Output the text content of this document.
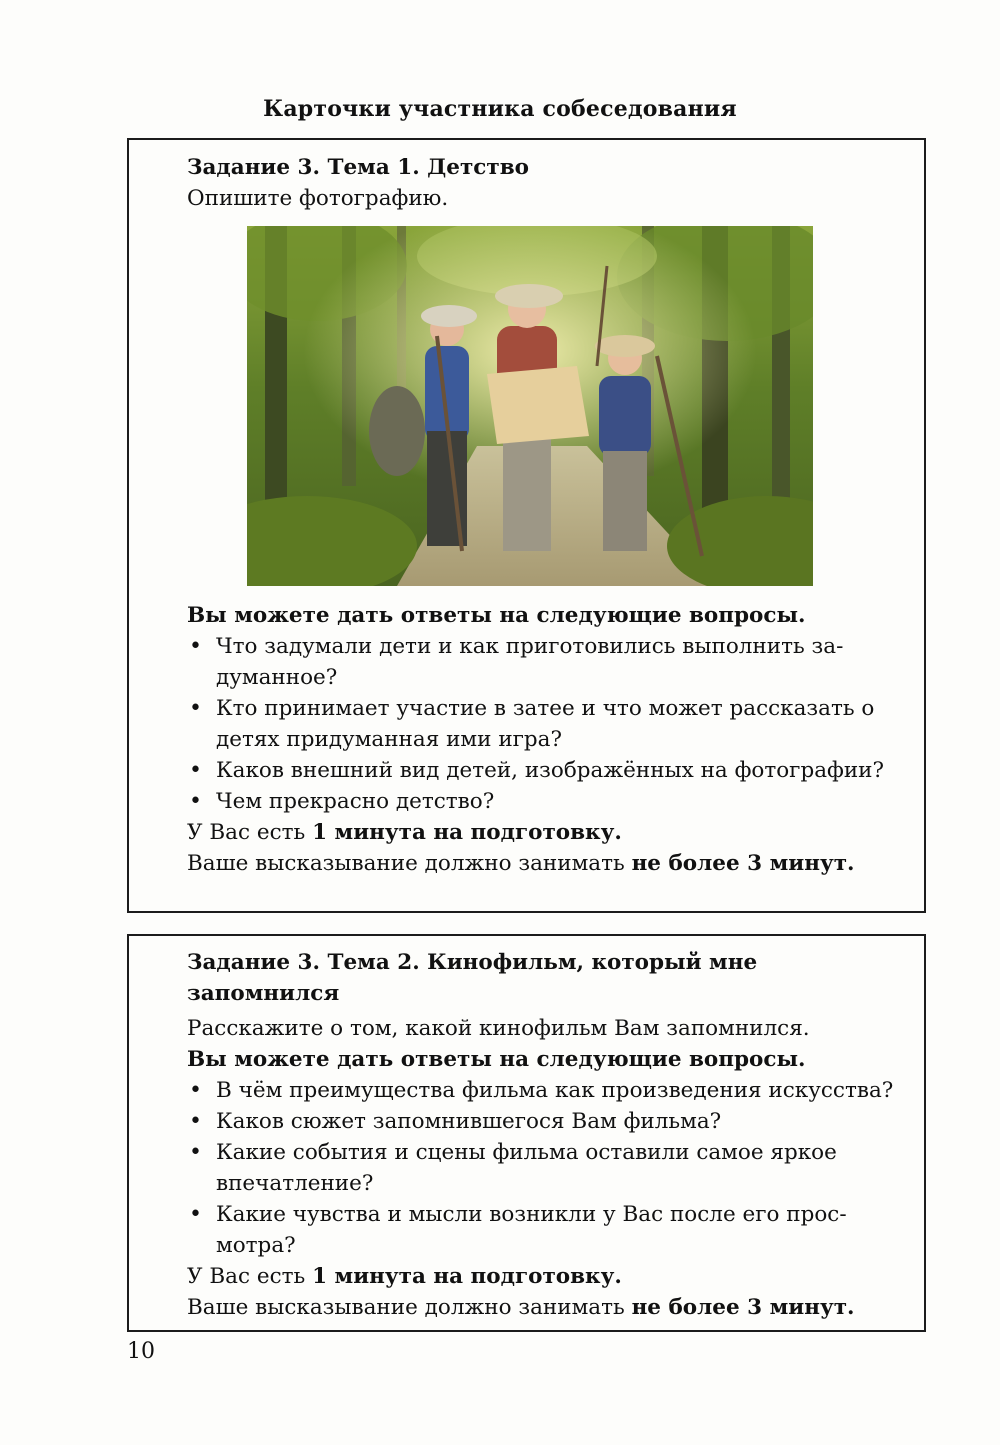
Карточки участника собеседования
Задание 3. Тема 1. Детство
Опишите фотографию.
Вы можете дать ответы на следующие вопросы.
• Что задумали дети и как приготовились выполнить задуманное?
• Кто принимает участие в затее и что может рассказать о детях придуманная ими игра?
• Каков внешний вид детей, изображённых на фотографии?
• Чем прекрасно детство?
У Вас есть 1 минута на подготовку.
Ваше высказывание должно занимать не более 3 минут.
Задание 3. Тема 2. Кинофильм, который мне запомнился
Расскажите о том, какой кинофильм Вам запомнился.
Вы можете дать ответы на следующие вопросы.
• В чём преимущества фильма как произведения искусства?
• Каков сюжет запомнившегося Вам фильма?
• Какие события и сцены фильма оставили самое яркое впечатление?
• Какие чувства и мысли возникли у Вас после его просмотра?
У Вас есть 1 минута на подготовку.
Ваше высказывание должно занимать не более 3 минут.
10
